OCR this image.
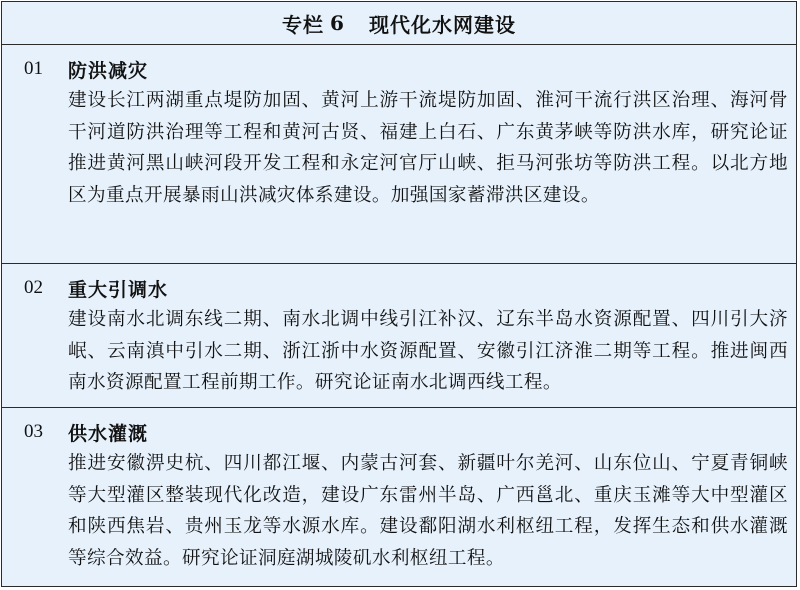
专栏 6 现代化水网建设
01	防洪减灾

建设长江两湖重点堤防加固、黄河上游干流堤防加固、淮河干流行洪区治理、海河骨干河道防洪治理等工程和黄河古贤、福建上白石、广东黄茅峡等防洪水库，研究论证推进黄河黑山峡河段开发工程和永定河官厅山峡、拒马河张坊等防洪工程。以北方地区为重点开展暴雨山洪减灾体系建设。加强国家蓄滞洪区建设。

02	重大引调水

建设南水北调东线二期、南水北调中线引江补汉、辽东半岛水资源配置、四川引大济岷、云南滇中引水二期、浙江浙中水资源配置、安徽引江济淮二期等工程。推进闽西南水资源配置工程前期工作。研究论证南水北调西线工程。

03	供水灌溉

推进安徽淠史杭、四川都江堰、内蒙古河套、新疆叶尔羌河、山东位山、宁夏青铜峡等大型灌区整装现代化改造，建设广东雷州半岛、广西邕北、重庆玉滩等大中型灌区和陕西焦岩、贵州玉龙等水源水库。建设鄱阳湖水利枢纽工程，发挥生态和供水灌溉等综合效益。研究论证洞庭湖城陵矶水利枢纽工程。
